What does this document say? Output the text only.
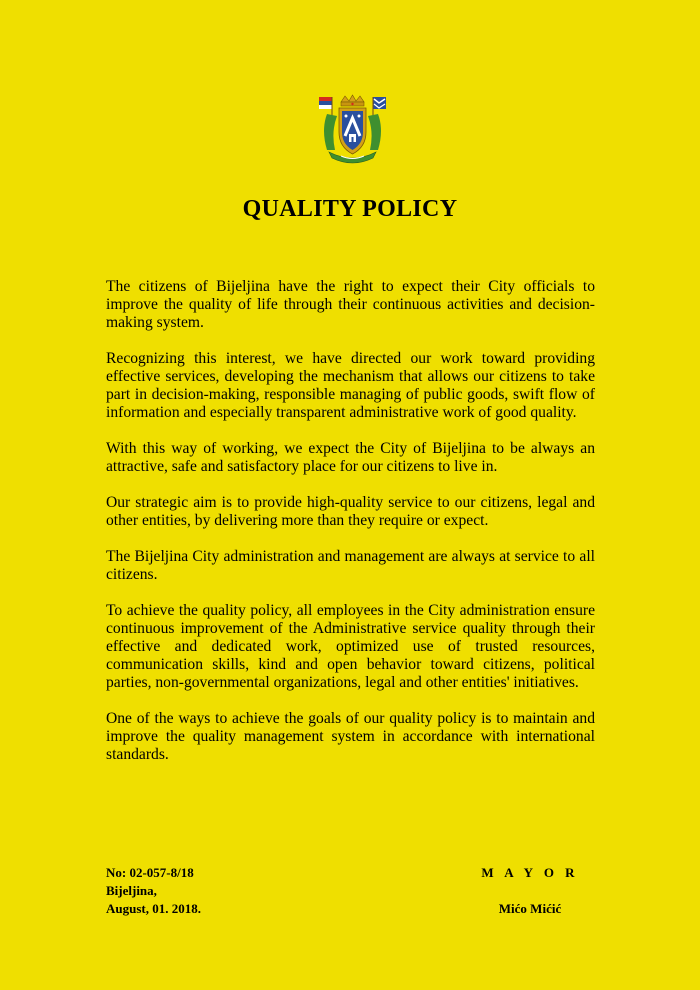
QUALITY POLICY

The citizens of Bijeljina have the right to expect their City officials to improve the quality of life through their continuous activities and decision-making system.

Recognizing this interest, we have directed our work toward providing effective services, developing the mechanism that allows our citizens to take part in decision-making, responsible managing of public goods, swift flow of information and especially transparent administrative work of good quality.

With this way of working, we expect the City of Bijeljina to be always an attractive, safe and satisfactory place for our citizens to live in.

Our strategic aim is to provide high-quality service to our citizens, legal and other entities, by delivering more than they require or expect.

The Bijeljina City administration and management are always at service to all citizens.

To achieve the quality policy, all employees in the City administration ensure continuous improvement of the Administrative service quality through their effective and dedicated work, optimized use of trusted resources, communication skills, kind and open behavior toward citizens, political parties, non-governmental organizations, legal and other entities' initiatives.

One of the ways to achieve the goals of our quality policy is to maintain and improve the quality management system in accordance with international standards.

No: 02-057-8/18
Bijeljina,
August, 01. 2018.
M A Y O R
Mićo Mićić
